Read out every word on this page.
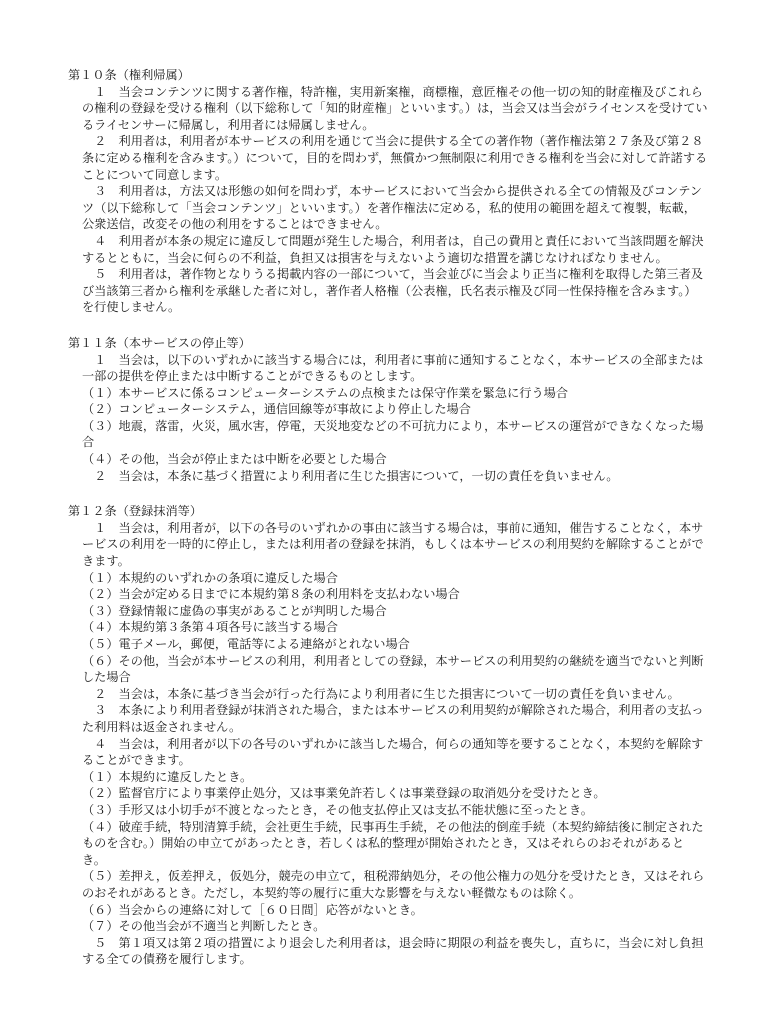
第１０条（権利帰属）

　１　当会コンテンツに関する著作権，特許権，実用新案権，商標権，意匠権その他一切の知的財産権及びこれらの権利の登録を受ける権利（以下総称して「知的財産権」といいます。）は，当会又は当会がライセンスを受けているライセンサーに帰属し，利用者には帰属しません。

　２　利用者は，利用者が本サービスの利用を通じて当会に提供する全ての著作物（著作権法第２７条及び第２８条に定める権利を含みます。）について，目的を問わず，無償かつ無制限に利用できる権利を当会に対して許諾することについて同意します。

　３　利用者は，方法又は形態の如何を問わず，本サービスにおいて当会から提供される全ての情報及びコンテンツ（以下総称して「当会コンテンツ」といいます。）を著作権法に定める，私的使用の範囲を超えて複製，転載，公衆送信，改変その他の利用をすることはできません。

　４　利用者が本条の規定に違反して問題が発生した場合，利用者は，自己の費用と責任において当該問題を解決するとともに，当会に何らの不利益，負担又は損害を与えないよう適切な措置を講じなければなりません。

　５　利用者は，著作物となりうる掲載内容の一部について，当会並びに当会より正当に権利を取得した第三者及び当該第三者から権利を承継した者に対し，著作者人格権（公表権，氏名表示権及び同一性保持権を含みます。）を行使しません。

第１１条（本サービスの停止等）

　１　当会は，以下のいずれかに該当する場合には，利用者に事前に通知することなく，本サービスの全部または一部の提供を停止または中断することができるものとします。

（１）本サービスに係るコンピューターシステムの点検または保守作業を緊急に行う場合

（２）コンピューターシステム，通信回線等が事故により停止した場合

（３）地震，落雷，火災，風水害，停電，天災地変などの不可抗力により，本サービスの運営ができなくなった場合

（４）その他，当会が停止または中断を必要とした場合

　２　当会は，本条に基づく措置により利用者に生じた損害について，一切の責任を負いません。

第１２条（登録抹消等）

　１　当会は，利用者が，以下の各号のいずれかの事由に該当する場合は，事前に通知，催告することなく，本サービスの利用を一時的に停止し，または利用者の登録を抹消，もしくは本サービスの利用契約を解除することができます。

（１）本規約のいずれかの条項に違反した場合

（２）当会が定める日までに本規約第８条の利用料を支払わない場合

（３）登録情報に虚偽の事実があることが判明した場合

（４）本規約第３条第４項各号に該当する場合

（５）電子メール，郵便，電話等による連絡がとれない場合

（６）その他，当会が本サービスの利用，利用者としての登録，本サービスの利用契約の継続を適当でないと判断した場合

　２　当会は，本条に基づき当会が行った行為により利用者に生じた損害について一切の責任を負いません。

　３　本条により利用者登録が抹消された場合，または本サービスの利用契約が解除された場合，利用者の支払った利用料は返金されません。

　４　当会は，利用者が以下の各号のいずれかに該当した場合，何らの通知等を要することなく，本契約を解除することができます。

（１）本規約に違反したとき。

（２）監督官庁により事業停止処分，又は事業免許若しくは事業登録の取消処分を受けたとき。

（３）手形又は小切手が不渡となったとき，その他支払停止又は支払不能状態に至ったとき。

（４）破産手続，特別清算手続，会社更生手続，民事再生手続，その他法的倒産手続（本契約締結後に制定されたものを含む。）開始の申立てがあったとき，若しくは私的整理が開始されたとき，又はそれらのおそれがあるとき。

（５）差押え，仮差押え，仮処分，競売の申立て，租税滞納処分，その他公権力の処分を受けたとき，又はそれらのおそれがあるとき。ただし，本契約等の履行に重大な影響を与えない軽微なものは除く。

（６）当会からの連絡に対して［６０日間］応答がないとき。

（７）その他当会が不適当と判断したとき。

　５　第１項又は第２項の措置により退会した利用者は，退会時に期限の利益を喪失し，直ちに，当会に対し負担する全ての債務を履行します。
